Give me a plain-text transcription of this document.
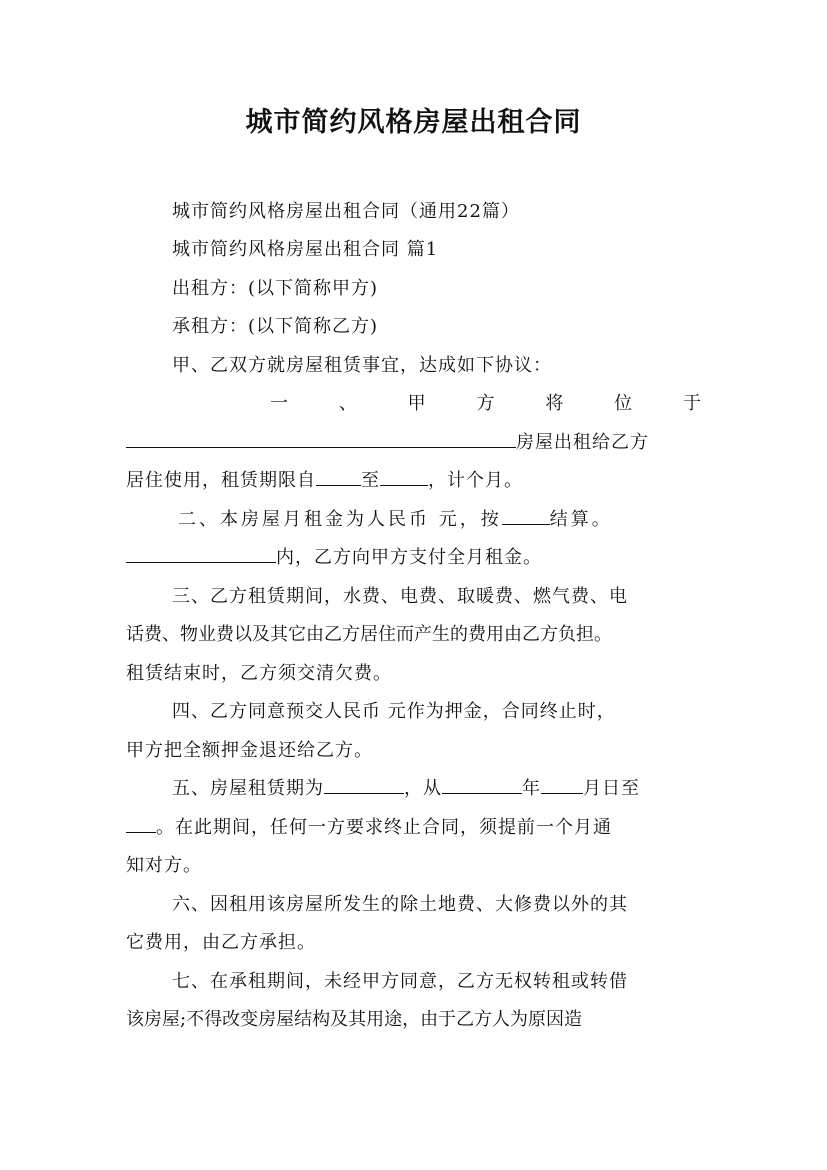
城市简约风格房屋出租合同

城市简约风格房屋出租合同（通用22篇）

城市简约风格房屋出租合同 篇1

出租方：(以下简称甲方)

承租方：(以下简称乙方)

甲、乙双方就房屋租赁事宜，达成如下协议：

一	、	甲	方	将	位	于

房屋出租给乙方

居住使用，租赁期限自	至	，计个月。

二、本房屋月租金为人民币 元，按	结算。

内，乙方向甲方支付全月租金。

三、乙方租赁期间，水费、电费、取暖费、燃气费、电

话费、物业费以及其它由乙方居住而产生的费用由乙方负担。

租赁结束时，乙方须交清欠费。

四、乙方同意预交人民币 元作为押金，合同终止时，

甲方把全额押金退还给乙方。

五、房屋租赁期为	，从	年 月日至

。在此期间，任何一方要求终止合同，须提前一个月通

知对方。

六、因租用该房屋所发生的除土地费、大修费以外的其

它费用，由乙方承担。

七、在承租期间，未经甲方同意，乙方无权转租或转借

该房屋;不得改变房屋结构及其用途，由于乙方人为原因造
